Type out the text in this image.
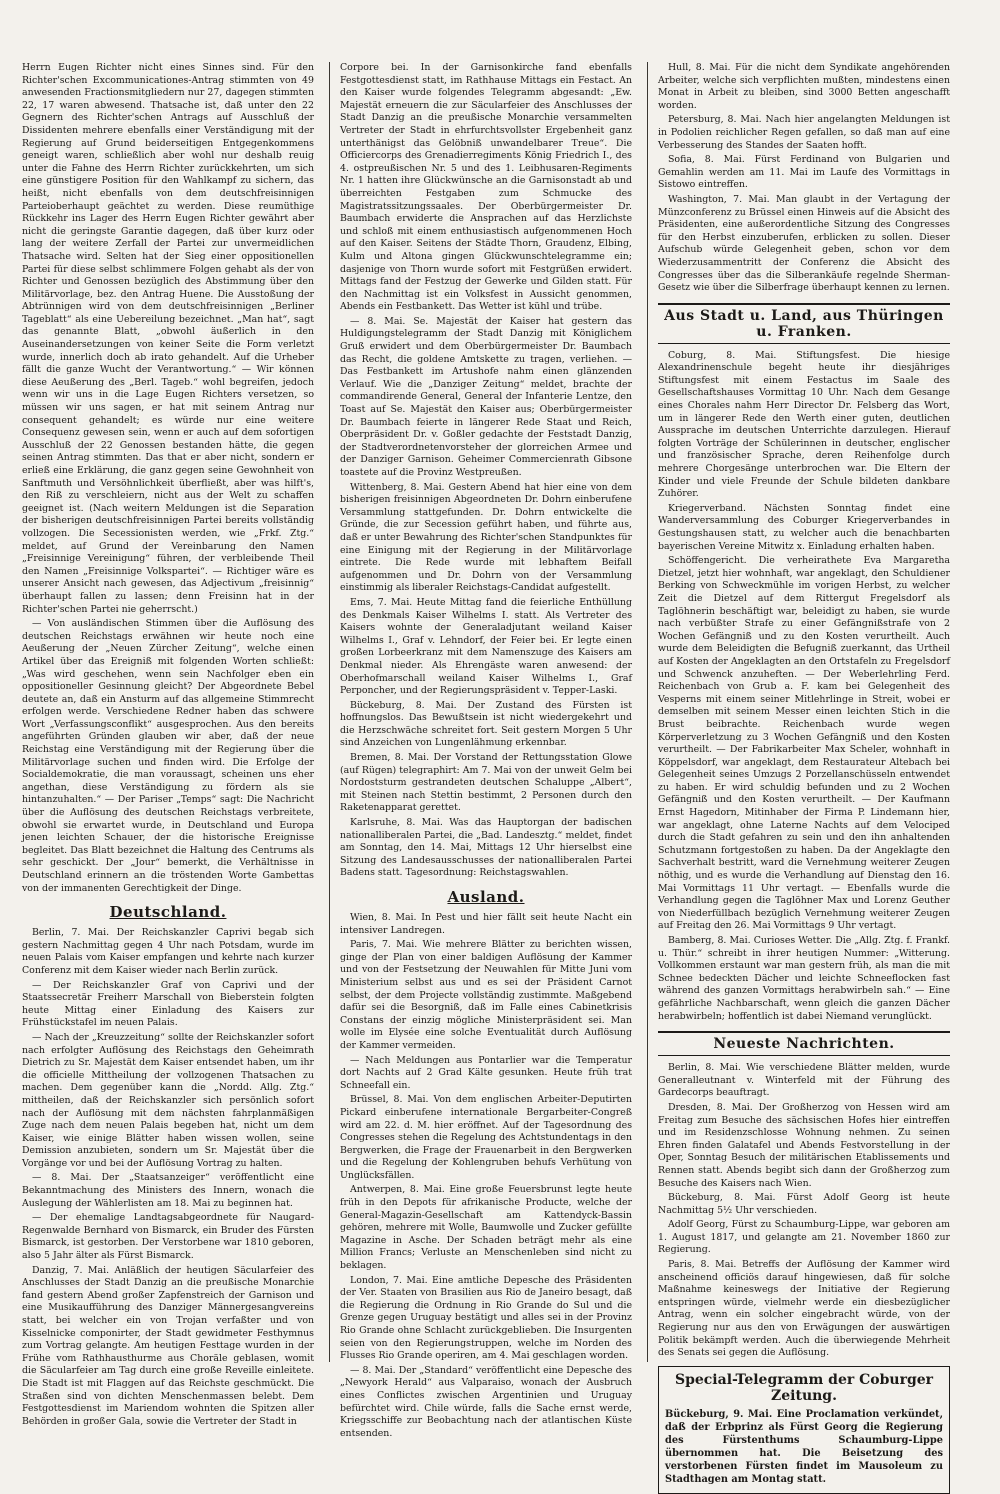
Herrn Eugen Richter nicht eines Sinnes sind. Für den Richter'schen Excommunicationes-Antrag stimmten von 49 anwesenden Fractionsmitgliedern nur 27, dagegen stimmten 22, 17 waren abwesend. Thatsache ist, daß unter den 22 Gegnern des Richter'schen Antrags auf Ausschluß der Dissidenten mehrere ebenfalls einer Verständigung mit der Regierung auf Grund beiderseitigen Entgegenkommens geneigt waren, schließlich aber wohl nur deshalb reuig unter die Fahne des Herrn Richter zurückkehrten, um sich eine günstigere Position für den Wahlkampf zu sichern, das heißt, nicht ebenfalls von dem deutschfreisinnigen Parteioberhaupt geächtet zu werden. Diese reumüthige Rückkehr ins Lager des Herrn Eugen Richter gewährt aber nicht die geringste Garantie dagegen, daß über kurz oder lang der weitere Zerfall der Partei zur unvermeidlichen Thatsache wird. Selten hat der Sieg einer oppositionellen Partei für diese selbst schlimmere Folgen gehabt als der von Richter und Genossen bezüglich des Abstimmung über den Militärvorlage, bez. den Antrag Huene. Die Ausstoßung der Abtrünnigen wird von dem deutschfreisinnigen „Berliner Tageblatt“ als eine Uebereilung bezeichnet. „Man hat“, sagt das genannte Blatt, „obwohl äußerlich in den Auseinandersetzungen von keiner Seite die Form verletzt wurde, innerlich doch ab irato gehandelt. Auf die Urheber fällt die ganze Wucht der Verantwortung.“ — Wir können diese Aeußerung des „Berl. Tageb.“ wohl begreifen, jedoch wenn wir uns in die Lage Eugen Richters versetzen, so müssen wir uns sagen, er hat mit seinem Antrag nur consequent gehandelt; es würde nur eine weitere Consequenz gewesen sein, wenn er auch auf dem sofortigen Ausschluß der 22 Genossen bestanden hätte, die gegen seinen Antrag stimmten. Das that er aber nicht, sondern er erließ eine Erklärung, die ganz gegen seine Gewohnheit von Sanftmuth und Versöhnlichkeit überfließt, aber was hilft's, den Riß zu verschleiern, nicht aus der Welt zu schaffen geeignet ist. (Nach weitern Meldungen ist die Separation der bisherigen deutschfreisinnigen Partei bereits vollständig vollzogen. Die Secessionisten werden, wie „Frkf. Ztg.“ meldet, auf Grund der Vereinbarung den Namen „Freisinnige Vereinigung“ führen, der verbleibende Theil den Namen „Freisinnige Volkspartei“. — Richtiger wäre es unserer Ansicht nach gewesen, das Adjectivum „freisinnig“ überhaupt fallen zu lassen; denn Freisinn hat in der Richter'schen Partei nie geherrscht.)

— Von ausländischen Stimmen über die Auflösung des deutschen Reichstags erwähnen wir heute noch eine Aeußerung der „Neuen Zürcher Zeitung“, welche einen Artikel über das Ereigniß mit folgenden Worten schließt: „Was wird geschehen, wenn sein Nachfolger eben ein oppositioneller Gesinnung gleicht? Der Abgeordnete Bebel deutete an, daß ein Ansturm auf das allgemeine Stimmrecht erfolgen werde. Verschiedene Redner haben das schwere Wort „Verfassungsconflikt“ ausgesprochen. Aus den bereits angeführten Gründen glauben wir aber, daß der neue Reichstag eine Verständigung mit der Regierung über die Militärvorlage suchen und finden wird. Die Erfolge der Socialdemokratie, die man voraussagt, scheinen uns eher angethan, diese Verständigung zu fördern als sie hintanzuhalten.“ — Der Pariser „Temps“ sagt: Die Nachricht über die Auflösung des deutschen Reichstags verbreitete, obwohl sie erwartet wurde, in Deutschland und Europa jenen leichten Schauer, der die historische Ereignisse begleitet. Das Blatt bezeichnet die Haltung des Centrums als sehr geschickt. Der „Jour“ bemerkt, die Verhältnisse in Deutschland erinnern an die tröstenden Worte Gambettas von der immanenten Gerechtigkeit der Dinge.

Deutschland.

Berlin, 7. Mai. Der Reichskanzler Caprivi begab sich gestern Nachmittag gegen 4 Uhr nach Potsdam, wurde im neuen Palais vom Kaiser empfangen und kehrte nach kurzer Conferenz mit dem Kaiser wieder nach Berlin zurück.

— Der Reichskanzler Graf von Caprivi und der Staatssecretär Freiherr Marschall von Bieberstein folgten heute Mittag einer Einladung des Kaisers zur Frühstückstafel im neuen Palais.

— Nach der „Kreuzzeitung“ sollte der Reichskanzler sofort nach erfolgter Auflösung des Reichstags den Geheimrath Dietrich zu Sr. Majestät dem Kaiser entsendet haben, um ihr die officielle Mittheilung der vollzogenen Thatsachen zu machen. Dem gegenüber kann die „Nordd. Allg. Ztg.“ mittheilen, daß der Reichskanzler sich persönlich sofort nach der Auflösung mit dem nächsten fahrplanmäßigen Zuge nach dem neuen Palais begeben hat, nicht um dem Kaiser, wie einige Blätter haben wissen wollen, seine Demission anzubieten, sondern um Sr. Majestät über die Vorgänge vor und bei der Auflösung Vortrag zu halten.

— 8. Mai. Der „Staatsanzeiger“ veröffentlicht eine Bekanntmachung des Ministers des Innern, wonach die Auslegung der Wählerlisten am 18. Mai zu beginnen hat.

— Der ehemalige Landtagsabgeordnete für Naugard-Regenwalde Bernhard von Bismarck, ein Bruder des Fürsten Bismarck, ist gestorben. Der Verstorbene war 1810 geboren, also 5 Jahr älter als Fürst Bismarck.

Danzig, 7. Mai. Anläßlich der heutigen Säcularfeier des Anschlusses der Stadt Danzig an die preußische Monarchie fand gestern Abend großer Zapfenstreich der Garnison und eine Musikaufführung des Danziger Männergesangvereins statt, bei welcher ein von Trojan verfaßter und von Kisselnicke componirter, der Stadt gewidmeter Festhymnus zum Vortrag gelangte. Am heutigen Festtage wurden in der Frühe vom Rathhausthurme aus Choräle geblasen, womit die Säcularfeier am Tag durch eine große Reveille einleitete. Die Stadt ist mit Flaggen auf das Reichste geschmückt. Die Straßen sind von dichten Menschenmassen belebt. Dem Festgottesdienst im Mariendom wohnten die Spitzen aller Behörden in großer Gala, sowie die Vertreter der Stadt in

Corpore bei. In der Garnisonkirche fand ebenfalls Festgottesdienst statt, im Rathhause Mittags ein Festact. An den Kaiser wurde folgendes Telegramm abgesandt: „Ew. Majestät erneuern die zur Säcularfeier des Anschlusses der Stadt Danzig an die preußische Monarchie versammelten Vertreter der Stadt in ehrfurchtsvollster Ergebenheit ganz unterthänigst das Gelöbniß unwandelbarer Treue“. Die Officiercorps des Grenadierregiments König Friedrich I., des 4. ostpreußischen Nr. 5 und des 1. Leibhusaren-Regiments Nr. 1 hatten ihre Glückwünsche an die Garnisonstadt ab und überreichten Festgaben zum Schmucke des Magistratssitzungssaales. Der Oberbürgermeister Dr. Baumbach erwiderte die Ansprachen auf das Herzlichste und schloß mit einem enthusiastisch aufgenommenen Hoch auf den Kaiser. Seitens der Städte Thorn, Graudenz, Elbing, Kulm und Altona gingen Glückwunschtelegramme ein; dasjenige von Thorn wurde sofort mit Festgrüßen erwidert. Mittags fand der Festzug der Gewerke und Gilden statt. Für den Nachmittag ist ein Volksfest in Aussicht genommen, Abends ein Festbankett. Das Wetter ist kühl und trübe.

— 8. Mai. Se. Majestät der Kaiser hat gestern das Huldigungstelegramm der Stadt Danzig mit Königlichem Gruß erwidert und dem Oberbürgermeister Dr. Baumbach das Recht, die goldene Amtskette zu tragen, verliehen. — Das Festbankett im Artushofe nahm einen glänzenden Verlauf. Wie die „Danziger Zeitung“ meldet, brachte der commandirende General, General der Infanterie Lentze, den Toast auf Se. Majestät den Kaiser aus; Oberbürgermeister Dr. Baumbach feierte in längerer Rede Staat und Reich, Oberpräsident Dr. v. Goßler gedachte der Feststadt Danzig, der Stadtverordnetenvorsteher der glorreichen Armee und der Danziger Garnison. Geheimer Commercienrath Gibsone toastete auf die Provinz Westpreußen.

Wittenberg, 8. Mai. Gestern Abend hat hier eine von dem bisherigen freisinnigen Abgeordneten Dr. Dohrn einberufene Versammlung stattgefunden. Dr. Dohrn entwickelte die Gründe, die zur Secession geführt haben, und führte aus, daß er unter Bewahrung des Richter'schen Standpunktes für eine Einigung mit der Regierung in der Militärvorlage eintrete. Die Rede wurde mit lebhaftem Beifall aufgenommen und Dr. Dohrn von der Versammlung einstimmig als liberaler Reichstags-Candidat aufgestellt.

Ems, 7. Mai. Heute Mittag fand die feierliche Enthüllung des Denkmals Kaiser Wilhelms I. statt. Als Vertreter des Kaisers wohnte der Generaladjutant weiland Kaiser Wilhelms I., Graf v. Lehndorf, der Feier bei. Er legte einen großen Lorbeerkranz mit dem Namenszuge des Kaisers am Denkmal nieder. Als Ehrengäste waren anwesend: der Oberhofmarschall weiland Kaiser Wilhelms I., Graf Perponcher, und der Regierungspräsident v. Tepper-Laski.

Bückeburg, 8. Mai. Der Zustand des Fürsten ist hoffnungslos. Das Bewußtsein ist nicht wiedergekehrt und die Herzschwäche schreitet fort. Seit gestern Morgen 5 Uhr sind Anzeichen von Lungenlähmung erkennbar.

Bremen, 8. Mai. Der Vorstand der Rettungsstation Glowe (auf Rügen) telegraphirt: Am 7. Mai von der unweit Gelm bei Nordoststurm gestrandeten deutschen Schaluppe „Albert“, mit Steinen nach Stettin bestimmt, 2 Personen durch den Raketenapparat gerettet.

Karlsruhe, 8. Mai. Was das Hauptorgan der badischen nationalliberalen Partei, die „Bad. Landesztg.“ meldet, findet am Sonntag, den 14. Mai, Mittags 12 Uhr hierselbst eine Sitzung des Landesausschusses der nationalliberalen Partei Badens statt. Tagesordnung: Reichstagswahlen.

Ausland.

Wien, 8. Mai. In Pest und hier fällt seit heute Nacht ein intensiver Landregen.

Paris, 7. Mai. Wie mehrere Blätter zu berichten wissen, ginge der Plan von einer baldigen Auflösung der Kammer und von der Festsetzung der Neuwahlen für Mitte Juni vom Ministerium selbst aus und es sei der Präsident Carnot selbst, der dem Projecte vollständig zustimmte. Maßgebend dafür sei die Besorgniß, daß im Falle eines Cabinetkrisis Constans der einzig mögliche Ministerpräsident sei. Man wolle im Elysée eine solche Eventualität durch Auflösung der Kammer vermeiden.

— Nach Meldungen aus Pontarlier war die Temperatur dort Nachts auf 2 Grad Kälte gesunken. Heute früh trat Schneefall ein.

Brüssel, 8. Mai. Von dem englischen Arbeiter-Deputirten Pickard einberufene internationale Bergarbeiter-Congreß wird am 22. d. M. hier eröffnet. Auf der Tagesordnung des Congresses stehen die Regelung des Achtstundentags in den Bergwerken, die Frage der Frauenarbeit in den Bergwerken und die Regelung der Kohlengruben behufs Verhütung von Unglücksfällen.

Antwerpen, 8. Mai. Eine große Feuersbrunst legte heute früh in den Depots für afrikanische Producte, welche der General-Magazin-Gesellschaft am Kattendyck-Bassin gehören, mehrere mit Wolle, Baumwolle und Zucker gefüllte Magazine in Asche. Der Schaden beträgt mehr als eine Million Francs; Verluste an Menschenleben sind nicht zu beklagen.

London, 7. Mai. Eine amtliche Depesche des Präsidenten der Ver. Staaten von Brasilien aus Rio de Janeiro besagt, daß die Regierung die Ordnung in Rio Grande do Sul und die Grenze gegen Uruguay bestätigt und alles sei in der Provinz Rio Grande ohne Schlacht zurückgeblieben. Die Insurgenten seien von den Regierungstruppen, welche im Norden des Flusses Rio Grande operiren, am 4. Mai geschlagen worden.

— 8. Mai. Der „Standard“ veröffentlicht eine Depesche des „Newyork Herald“ aus Valparaiso, wonach der Ausbruch eines Conflictes zwischen Argentinien und Uruguay befürchtet wird. Chile würde, falls die Sache ernst werde, Kriegsschiffe zur Beobachtung nach der atlantischen Küste entsenden.

Hull, 8. Mai. Für die nicht dem Syndikate angehörenden Arbeiter, welche sich verpflichten mußten, mindestens einen Monat in Arbeit zu bleiben, sind 3000 Betten angeschafft worden.

Petersburg, 8. Mai. Nach hier angelangten Meldungen ist in Podolien reichlicher Regen gefallen, so daß man auf eine Verbesserung des Standes der Saaten hofft.

Sofia, 8. Mai. Fürst Ferdinand von Bulgarien und Gemahlin werden am 11. Mai im Laufe des Vormittags in Sistowo eintreffen.

Washington, 7. Mai. Man glaubt in der Vertagung der Münzconferenz zu Brüssel einen Hinweis auf die Absicht des Präsidenten, eine außerordentliche Sitzung des Congresses für den Herbst einzuberufen, erblicken zu sollen. Dieser Aufschub würde Gelegenheit geben, schon vor dem Wiederzusammentritt der Conferenz die Absicht des Congresses über das die Silberankäufe regelnde Sherman-Gesetz wie über die Silberfrage überhaupt kennen zu lernen.

Aus Stadt u. Land, aus Thüringen u. Franken.

Coburg, 8. Mai. Stiftungsfest. Die hiesige Alexandrinenschule begeht heute ihr diesjähriges Stiftungsfest mit einem Festactus im Saale des Gesellschaftshauses Vormittag 10 Uhr. Nach dem Gesange eines Chorales nahm Herr Director Dr. Felsberg das Wort, um in längerer Rede den Werth einer guten, deutlichen Aussprache im deutschen Unterrichte darzulegen. Hierauf folgten Vorträge der Schülerinnen in deutscher, englischer und französischer Sprache, deren Reihenfolge durch mehrere Chorgesänge unterbrochen war. Die Eltern der Kinder und viele Freunde der Schule bildeten dankbare Zuhörer.

Kriegerverband. Nächsten Sonntag findet eine Wanderversammlung des Coburger Kriegerverbandes in Gestungshausen statt, zu welcher auch die benachbarten bayerischen Vereine Mitwitz x. Einladung erhalten haben.

Schöffengericht. Die verheirathete Eva Margaretha Dietzel, jetzt hier wohnhaft, war angeklagt, den Schuldiener Berking von Schweckmühle im vorigen Herbst, zu welcher Zeit die Dietzel auf dem Rittergut Fregelsdorf als Taglöhnerin beschäftigt war, beleidigt zu haben, sie wurde nach verbüßter Strafe zu einer Gefängnißstrafe von 2 Wochen Gefängniß und zu den Kosten verurtheilt. Auch wurde dem Beleidigten die Befugniß zuerkannt, das Urtheil auf Kosten der Angeklagten an den Ortstafeln zu Fregelsdorf und Schwenck anzuheften. — Der Weberlehrling Ferd. Reichenbach von Grub a. F. kam bei Gelegenheit des Vesperns mit einem seiner Mitlehrlinge in Streit, wobei er demselben mit seinem Messer einen leichten Stich in die Brust beibrachte. Reichenbach wurde wegen Körperverletzung zu 3 Wochen Gefängniß und den Kosten verurtheilt. — Der Fabrikarbeiter Max Scheler, wohnhaft in Köppelsdorf, war angeklagt, dem Restaurateur Altebach bei Gelegenheit seines Umzugs 2 Porzellanschüsseln entwendet zu haben. Er wird schuldig befunden und zu 2 Wochen Gefängniß und den Kosten verurtheilt. — Der Kaufmann Ernst Hagedorn, Mitinhaber der Firma P. Lindemann hier, war angeklagt, ohne Laterne Nachts auf dem Velociped durch die Stadt gefahren zu sein und den ihn anhaltenden Schutzmann fortgestoßen zu haben. Da der Angeklagte den Sachverhalt bestritt, ward die Vernehmung weiterer Zeugen nöthig, und es wurde die Verhandlung auf Dienstag den 16. Mai Vormittags 11 Uhr vertagt. — Ebenfalls wurde die Verhandlung gegen die Taglöhner Max und Lorenz Geuther von Niederfüllbach bezüglich Vernehmung weiterer Zeugen auf Freitag den 26. Mai Vormittags 9 Uhr vertagt.

Bamberg, 8. Mai. Curioses Wetter. Die „Allg. Ztg. f. Frankf. u. Thür.“ schreibt in ihrer heutigen Nummer: „Witterung. Vollkommen erstaunt war man gestern früh, als man die mit Schnee bedeckten Dächer und leichte Schneeflocken fast während des ganzen Vormittags herabwirbeln sah.“ — Eine gefährliche Nachbarschaft, wenn gleich die ganzen Dächer herabwirbeln; hoffentlich ist dabei Niemand verunglückt.

Neueste Nachrichten.

Berlin, 8. Mai. Wie verschiedene Blätter melden, wurde Generalleutnant v. Winterfeld mit der Führung des Gardecorps beauftragt.

Dresden, 8. Mai. Der Großherzog von Hessen wird am Freitag zum Besuche des sächsischen Hofes hier eintreffen und im Residenzschlosse Wohnung nehmen. Zu seinen Ehren finden Galatafel und Abends Festvorstellung in der Oper, Sonntag Besuch der militärischen Etablissements und Rennen statt. Abends begibt sich dann der Großherzog zum Besuche des Kaisers nach Wien.

Bückeburg, 8. Mai. Fürst Adolf Georg ist heute Nachmittag 5½ Uhr verschieden.

Adolf Georg, Fürst zu Schaumburg-Lippe, war geboren am 1. August 1817, und gelangte am 21. November 1860 zur Regierung.

Paris, 8. Mai. Betreffs der Auflösung der Kammer wird anscheinend officiös darauf hingewiesen, daß für solche Maßnahme keineswegs der Initiative der Regierung entspringen würde, vielmehr werde ein diesbezüglicher Antrag, wenn ein solcher eingebracht würde, von der Regierung nur aus den von Erwägungen der auswärtigen Politik bekämpft werden. Auch die überwiegende Mehrheit des Senats sei gegen die Auflösung.

Special-Telegramm der Coburger Zeitung.

Bückeburg, 9. Mai. Eine Proclamation verkündet, daß der Erbprinz als Fürst Georg die Regierung des Fürstenthums Schaumburg-Lippe übernommen hat. Die Beisetzung des verstorbenen Fürsten findet im Mausoleum zu Stadthagen am Montag statt.
